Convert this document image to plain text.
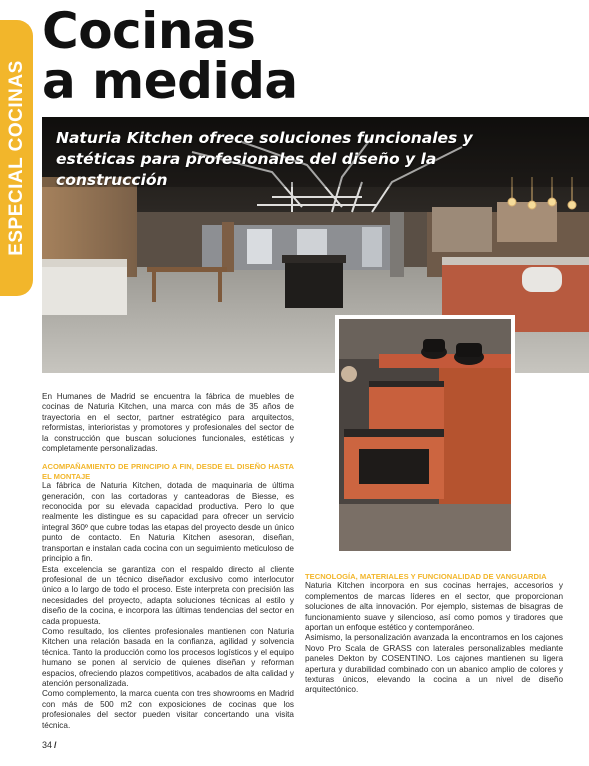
ESPECIAL COCINAS
Cocinas
a medida
Naturia Kitchen ofrece soluciones funcionales y estéticas para profesionales del diseño y la construcción

En Humanes de Madrid se encuentra la fábrica de muebles de cocinas de Naturia Kitchen, una marca con más de 35 años de trayectoria en el sector, partner estratégico para arquitectos, reformistas, interioristas y promotores y profesionales del sector de la construcción que buscan soluciones funcionales, estéticas y completamente personalizadas.

ACOMPAÑAMIENTO DE PRINCIPIO A FIN, DESDE EL DISEÑO HASTA EL MONTAJE

La fábrica de Naturia Kitchen, dotada de maquinaria de última generación, con las cortadoras y canteadoras de Biesse, es reconocida por su elevada capacidad productiva. Pero lo que realmente les distingue es su capacidad para ofrecer un servicio integral 360º que cubre todas las etapas del proyecto desde un único punto de contacto. En Naturia Kitchen asesoran, diseñan, transportan e instalan cada cocina con un seguimiento meticuloso de principio a fin.

Esta excelencia se garantiza con el respaldo directo al cliente profesional de un técnico diseñador exclusivo como interlocutor único a lo largo de todo el proceso. Este interpreta con precisión las necesidades del proyecto, adapta soluciones técnicas al estilo y diseño de la cocina, e incorpora las últimas tendencias del sector en cada propuesta.

Como resultado, los clientes profesionales mantienen con Naturia Kitchen una relación basada en la confianza, agilidad y solvencia técnica. Tanto la producción como los procesos logísticos y el equipo humano se ponen al servicio de quienes diseñan y reforman espacios, ofreciendo plazos competitivos, acabados de alta calidad y atención personalizada.

Como complemento, la marca cuenta con tres showrooms en Madrid con más de 500 m2 con exposiciones de cocinas que los profesionales del sector pueden visitar concertando una visita técnica.

TECNOLOGÍA, MATERIALES Y FUNCIONALIDAD DE VANGUARDIA

Naturia Kitchen incorpora en sus cocinas herrajes, accesorios y complementos de marcas líderes en el sector, que proporcionan soluciones de alta innovación. Por ejemplo, sistemas de bisagras de funcionamiento suave y silencioso, así como pomos y tiradores que aportan un enfoque estético y contemporáneo.

Asimismo, la personalización avanzada la encontramos en los cajones Novo Pro Scala de GRASS con laterales personalizables mediante paneles Dekton by COSENTINO. Los cajones mantienen su ligera apertura y durabilidad combinado con un abanico amplio de colores y texturas únicos, elevando la cocina a un nivel de diseño arquitectónico.

34 /
